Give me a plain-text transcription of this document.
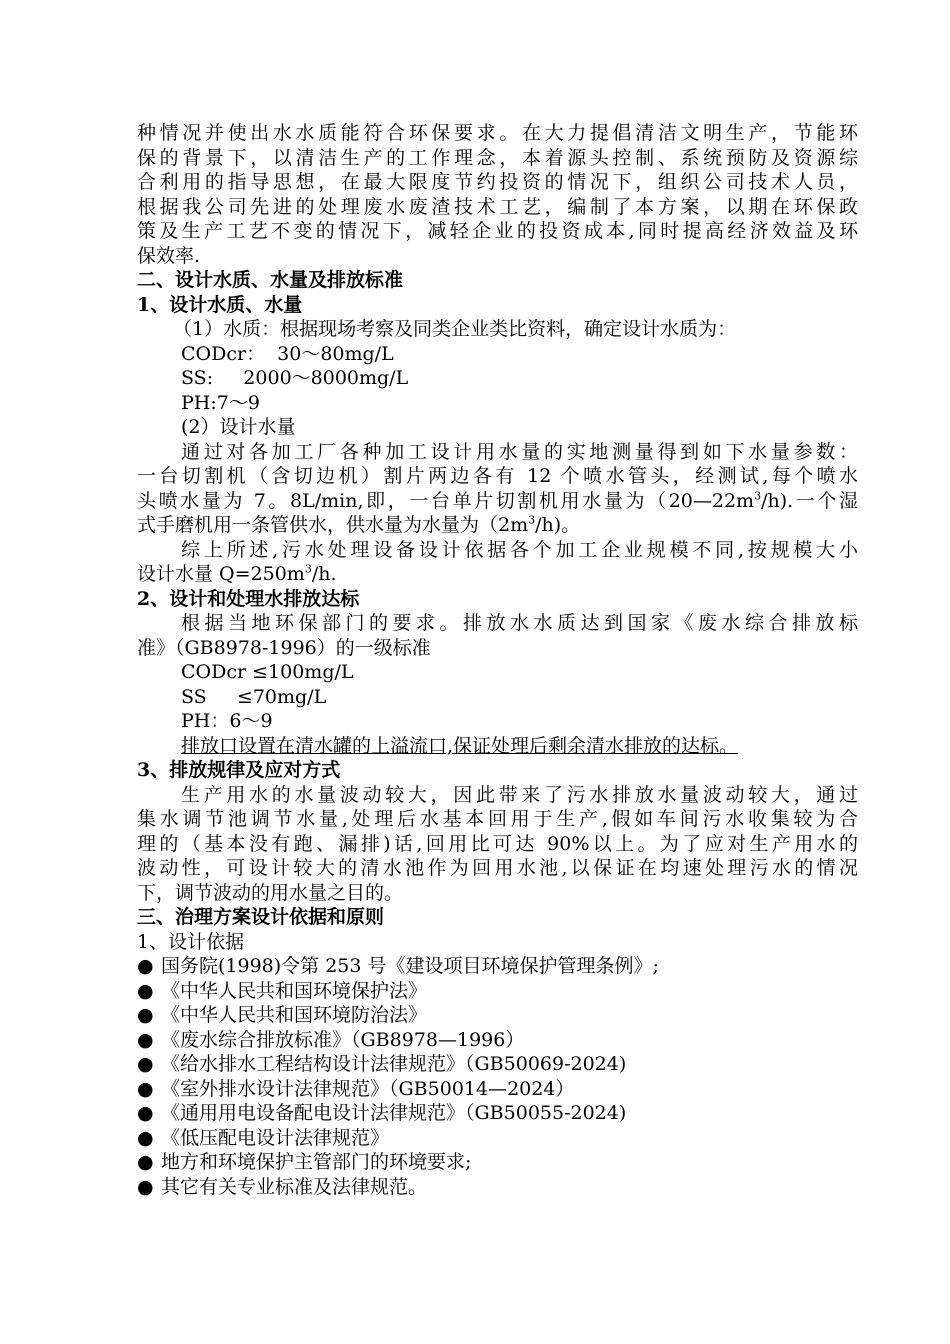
种情况并使出水水质能符合环保要求。在大力提倡清洁文明生产，节能环
保的背景下，以清洁生产的工作理念，本着源头控制、系统预防及资源综
合利用的指导思想，在最大限度节约投资的情况下，组织公司技术人员，
根据我公司先进的处理废水废渣技术工艺，编制了本方案，以期在环保政
策及生产工艺不变的情况下，减轻企业的投资成本,同时提高经济效益及环
保效率.
二、设计水质、水量及排放标准
1、设计水质、水量
（1）水质：根据现场考察及同类企业类比资料，确定设计水质为：
CODcr：  30～80mg/L
SS:     2000～8000mg/L
PH:7～9
(2）设计水量
通过对各加工厂各种加工设计用水量的实地测量得到如下水量参数：
一台切割机（含切边机）割片两边各有 12 个喷水管头，经测试,每个喷水
头喷水量为 7。8L/min,即，一台单片切割机用水量为$(20—22m^3/h)$.一个湿
式手磨机用一条管供水，供水量为水量为$(2m^3/h)$。
综上所述,污水处理设备设计依据各个加工企业规模不同,按规模大小
设计水量 $Q=250m^3/h$.
2、设计和处理水排放达标
根据当地环保部门的要求。排放水水质达到国家《废水综合排放标
准》（GB8978-1996）的一级标准
CODcr ≤100mg/L
SS     ≤70mg/L
PH：6～9
排放口设置在清水罐的上溢流口,保证处理后剩余清水排放的达标。
3、排放规律及应对方式
生产用水的水量波动较大，因此带来了污水排放水量波动较大，通过
集水调节池调节水量,处理后水基本回用于生产,假如车间污水收集较为合
理的（基本没有跑、漏排)话,回用比可达 90%以上。为了应对生产用水的
波动性，可设计较大的清水池作为回用水池,以保证在均速处理污水的情况
下，调节波动的用水量之目的。
三、治理方案设计依据和原则
1、设计依据
● 国务院(1998)令第 253 号《建设项目环境保护管理条例》;
● 《中华人民共和国环境保护法》
● 《中华人民共和国环境防治法》
● 《废水综合排放标准》（GB8978—1996）
● 《给水排水工程结构设计法律规范》（GB50069-2024)
● 《室外排水设计法律规范》（GB50014—2024）
● 《通用用电设备配电设计法律规范》（GB50055-2024)
● 《低压配电设计法律规范》
● 地方和环境保护主管部门的环境要求;
● 其它有关专业标准及法律规范。
